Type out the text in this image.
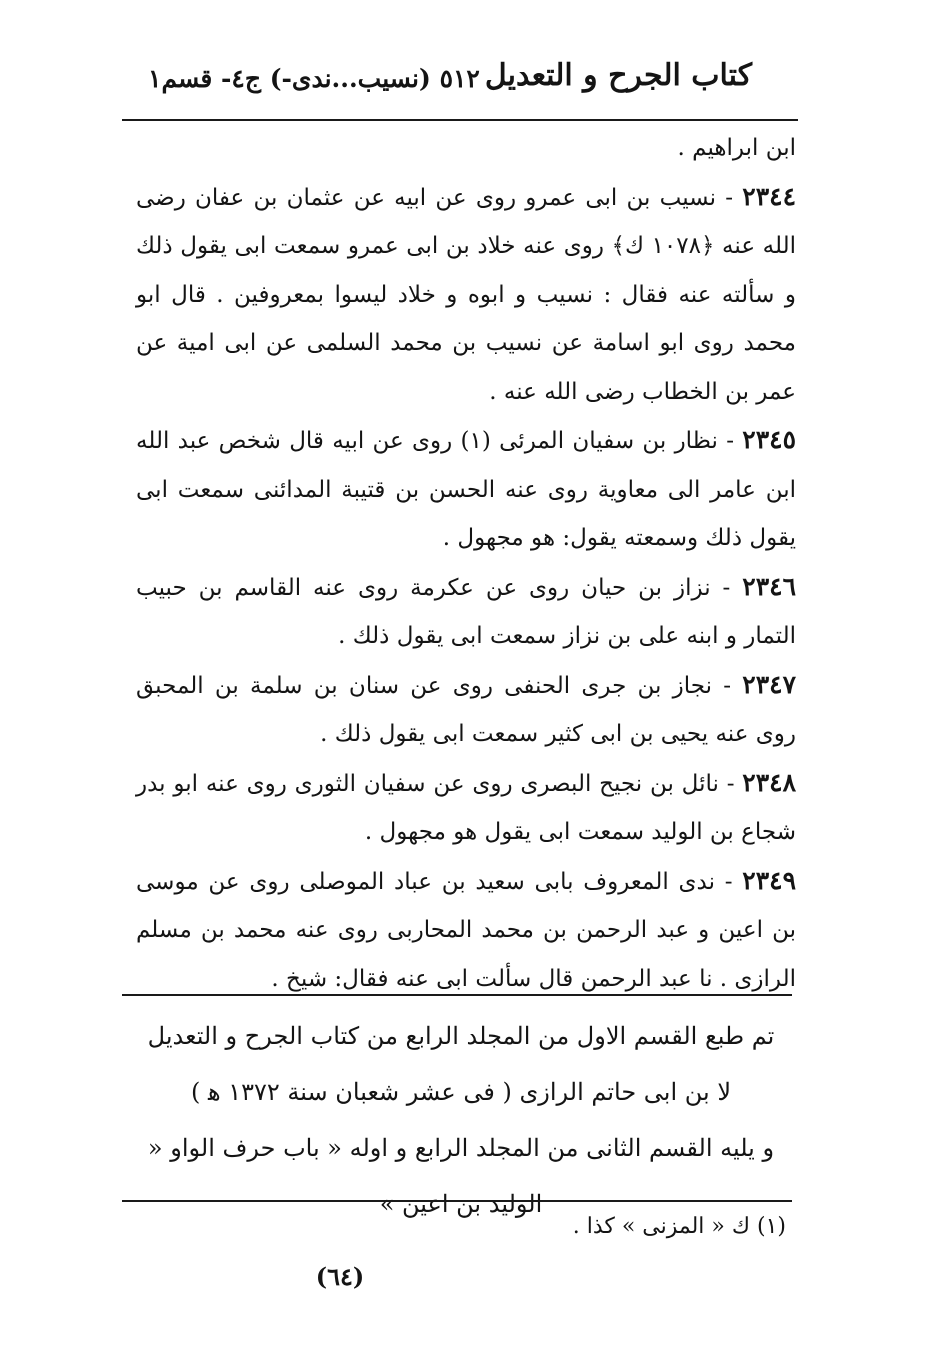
كتاب الجرح و التعديل
٥١٢ (نسيب...ندى-) ج٤- قسم١

ابن ابراهيم .

٢٣٤٤ - نسيب بن ابى عمرو روى عن ابيه عن عثمان بن عفان رضى الله عنه ﴿١٠٧٨ ك﴾ روى عنه خلاد بن ابى عمرو سمعت ابى يقول ذلك و سألته عنه فقال : نسيب و ابوه و خلاد ليسوا بمعروفين . قال ابو محمد روى ابو اسامة عن نسيب بن محمد السلمى عن ابى امية عن عمر بن الخطاب رضى الله عنه .

٢٣٤٥ - نظار بن سفيان المرئى (١) روى عن ابيه قال شخص عبد الله ابن عامر الى معاوية روى عنه الحسن بن قتيبة المدائنى سمعت ابى يقول ذلك وسمعته يقول: هو مجهول .

٢٣٤٦ - نزاز بن حيان روى عن عكرمة روى عنه القاسم بن حبيب التمار و ابنه على بن نزاز سمعت ابى يقول ذلك .

٢٣٤٧ - نجاز بن جرى الحنفى روى عن سنان بن سلمة بن المحبق روى عنه يحيى بن ابى كثير سمعت ابى يقول ذلك .

٢٣٤٨ - نائل بن نجيح البصرى روى عن سفيان الثورى روى عنه ابو بدر شجاع بن الوليد سمعت ابى يقول هو مجهول .

٢٣٤٩ - ندى المعروف بابى سعيد بن عباد الموصلى روى عن موسى بن اعين و عبد الرحمن بن محمد المحاربى روى عنه محمد بن مسلم الرازى . نا عبد الرحمن قال سألت ابى عنه فقال: شيخ .

تم طبع القسم الاول من المجلد الرابع من كتاب الجرح و التعديل
لا بن ابى حاتم الرازى ( فى عشر شعبان سنة ١٣٧٢ ﻫ )
و يليه القسم الثانى من المجلد الرابع و اوله « باب حرف الواو « الوليد بن اعين »
(١) ك « المزنى » كذا .
(٦٤)
